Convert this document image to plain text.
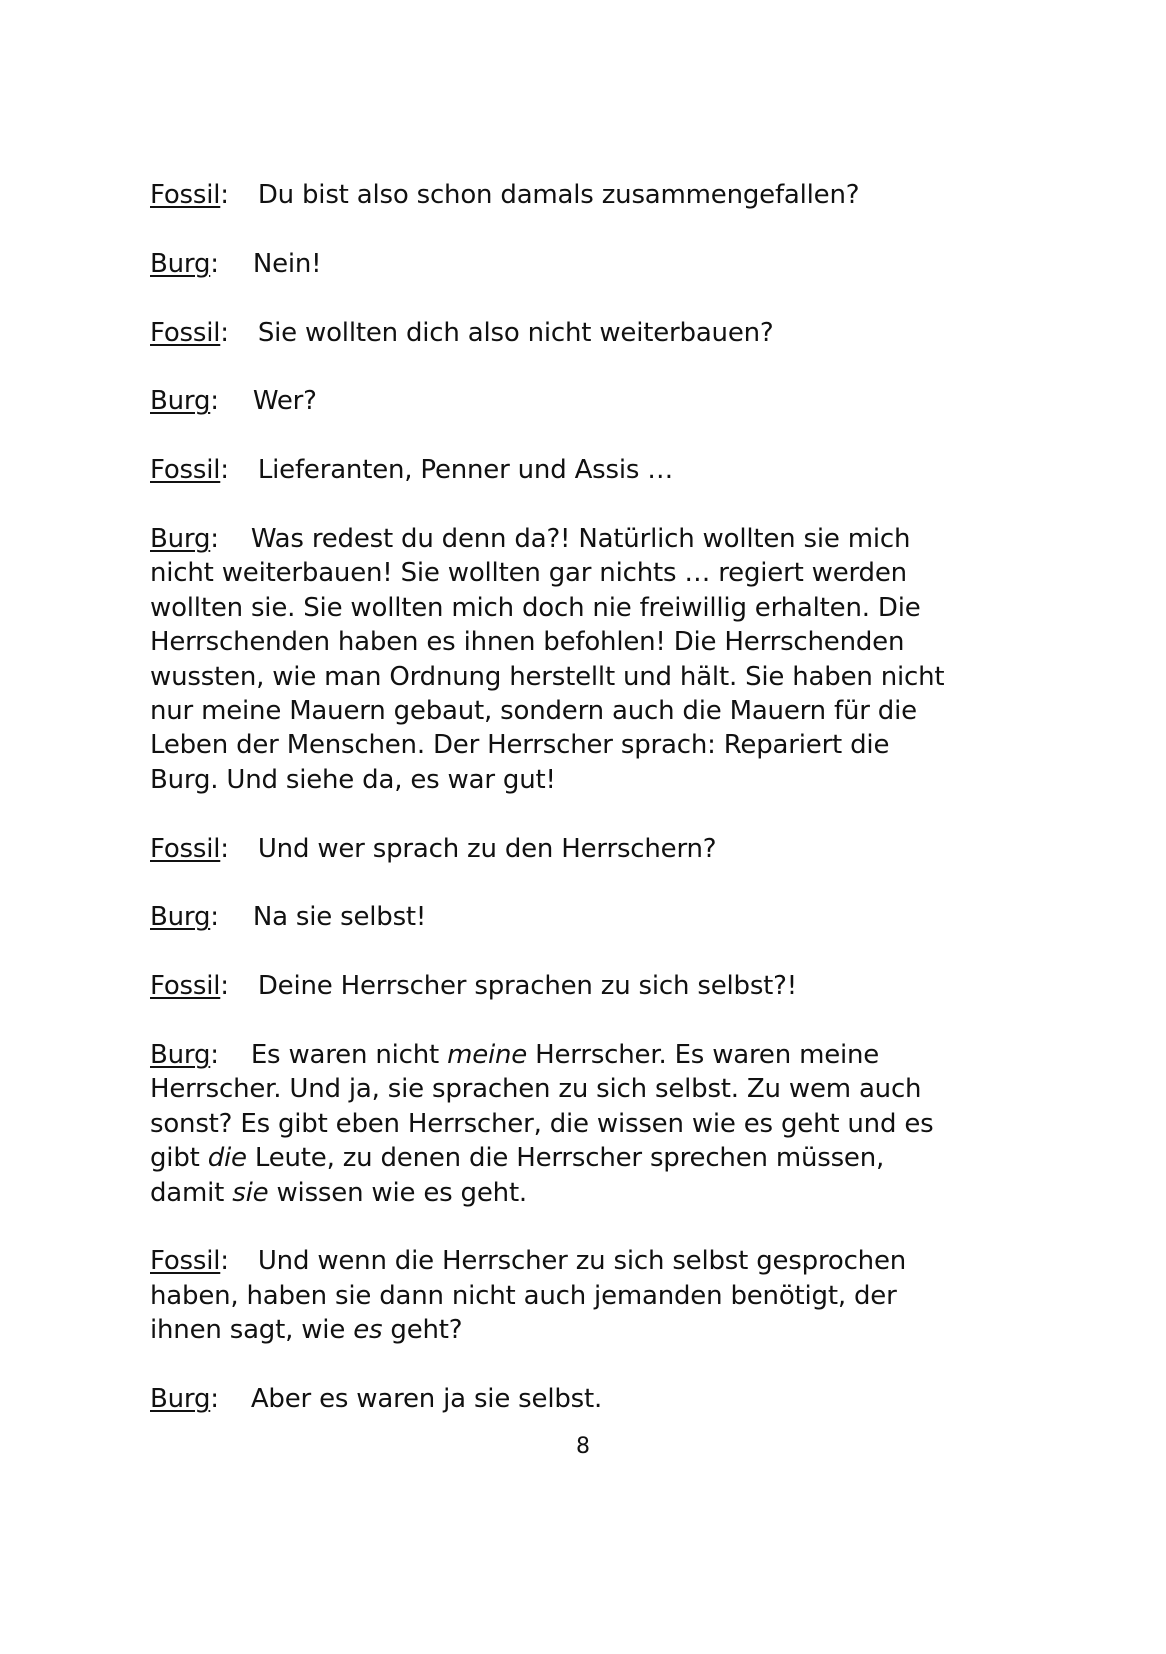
Fossil: Du bist also schon damals zusammengefallen?

Burg: Nein!

Fossil: Sie wollten dich also nicht weiterbauen?

Burg: Wer?

Fossil: Lieferanten, Penner und Assis …

Burg: Was redest du denn da?! Natürlich wollten sie mich nicht weiterbauen! Sie wollten gar nichts … regiert werden wollten sie. Sie wollten mich doch nie freiwillig erhalten. Die Herrschenden haben es ihnen befohlen! Die Herrschenden wussten, wie man Ordnung herstellt und hält. Sie haben nicht nur meine Mauern gebaut, sondern auch die Mauern für die Leben der Menschen. Der Herrscher sprach: Repariert die Burg. Und siehe da, es war gut!

Fossil: Und wer sprach zu den Herrschern?

Burg: Na sie selbst!

Fossil: Deine Herrscher sprachen zu sich selbst?!

Burg: Es waren nicht meine Herrscher. Es waren meine Herrscher. Und ja, sie sprachen zu sich selbst. Zu wem auch sonst? Es gibt eben Herrscher, die wissen wie es geht und es gibt die Leute, zu denen die Herrscher sprechen müssen, damit sie wissen wie es geht.

Fossil: Und wenn die Herrscher zu sich selbst gesprochen haben, haben sie dann nicht auch jemanden benötigt, der ihnen sagt, wie es geht?

Burg: Aber es waren ja sie selbst.

8
